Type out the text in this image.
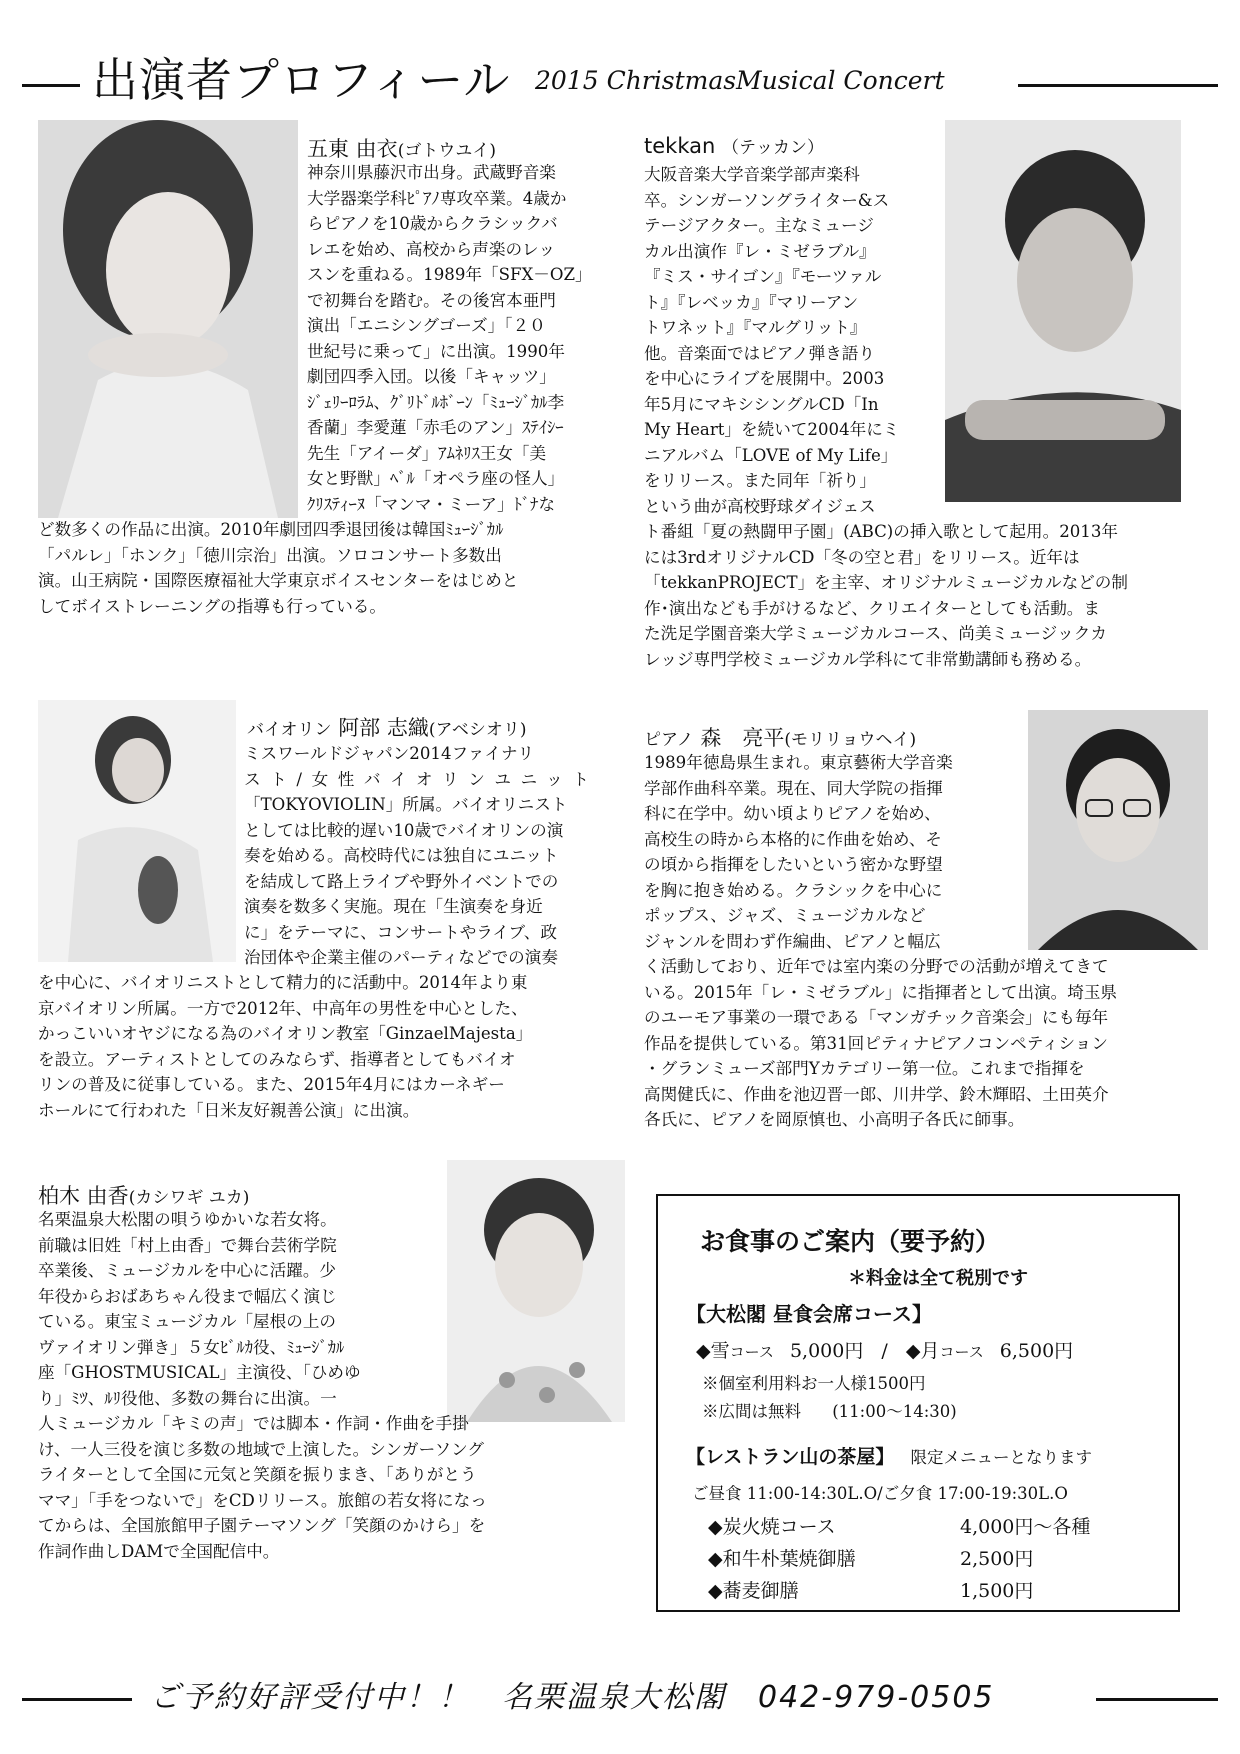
出演者プロフィール 2015 ChristmasMusical Concert
五東 由衣(ゴトウユイ)
神奈川県藤沢市出身。武蔵野音楽
大学器楽学科ﾋﾟｱﾉ専攻卒業。4歳か
らピアノを10歳からクラシックバ
レエを始め、高校から声楽のレッ
スンを重ねる。1989年「SFX－OZ」
で初舞台を踏む。その後宮本亜門
演出「エニシングゴーズ」「２０
世紀号に乗って」に出演。1990年
劇団四季入団。以後「キャッツ」
ｼﾞｪﾘｰﾛﾗﾑ、ｸﾞﾘﾄﾞﾙﾎﾞｰﾝ「ﾐｭｰｼﾞｶﾙ李
香蘭」李愛蓮「赤毛のアン」ｽﾃｲｼｰ
先生「アイーダ」ｱﾑﾈﾘｽ王女「美
女と野獣」ﾍﾞﾙ「オペラ座の怪人」
ｸﾘｽﾃｨｰﾇ「マンマ・ミーア」ﾄﾞﾅな
ど数多くの作品に出演。2010年劇団四季退団後は韓国ﾐｭｰｼﾞｶﾙ
「パルレ」「ホンク」「徳川宗治」出演。ソロコンサート多数出
演。山王病院・国際医療福祉大学東京ボイスセンターをはじめと
してボイストレーニングの指導も行っている。
tekkan （テッカン）
大阪音楽大学音楽学部声楽科
卒。シンガーソングライター&ス
テージアクター。主なミュージ
カル出演作『レ・ミゼラブル』
『ミス・サイゴン』『モーツァル
ト』『レベッカ』『マリーアン
トワネット』『マルグリット』
他。音楽面ではピアノ弾き語り
を中心にライブを展開中。2003
年5月にマキシシングルCD「In
My Heart」を続いて2004年にミ
ニアルバム「LOVE of My Life」
をリリース。また同年「祈り」
という曲が高校野球ダイジェス
ト番組「夏の熱闘甲子園」(ABC)の挿入歌として起用。2013年
には3rdオリジナルCD「冬の空と君」をリリース。近年は
「tekkanPROJECT」を主宰、オリジナルミュージカルなどの制
作･演出なども手がけるなど、クリエイターとしても活動。ま
た洗足学園音楽大学ミュージカルコース、尚美ミュージックカ
レッジ専門学校ミュージカル学科にて非常勤講師も務める。
バイオリン 阿部 志織(アベシオリ)
ミスワールドジャパン2014ファイナリ
スト/女性バイオリンユニット
「TOKYOVIOLIN」所属。バイオリニスト
としては比較的遅い10歳でバイオリンの演
奏を始める。高校時代には独自にユニット
を結成して路上ライブや野外イベントでの
演奏を数多く実施。現在「生演奏を身近
に」をテーマに、コンサートやライブ、政
治団体や企業主催のパーティなどでの演奏
を中心に、バイオリニストとして精力的に活動中。2014年より東
京バイオリン所属。一方で2012年、中高年の男性を中心とした、
かっこいいオヤジになる為のバイオリン教室「GinzaelMajesta」
を設立。アーティストとしてのみならず、指導者としてもバイオ
リンの普及に従事している。また、2015年4月にはカーネギー
ホールにて行われた「日米友好親善公演」に出演。
ピアノ 森　亮平(モリリョウヘイ)
1989年徳島県生まれ。東京藝術大学音楽
学部作曲科卒業。現在、同大学院の指揮
科に在学中。幼い頃よりピアノを始め、
高校生の時から本格的に作曲を始め、そ
の頃から指揮をしたいという密かな野望
を胸に抱き始める。クラシックを中心に
ポップス、ジャズ、ミュージカルなど
ジャンルを問わず作編曲、ピアノと幅広
く活動しており、近年では室内楽の分野での活動が増えてきて
いる。2015年「レ・ミゼラブル」に指揮者として出演。埼玉県
のユーモア事業の一環である「マンガチック音楽会」にも毎年
作品を提供している。第31回ピティナピアノコンペティション
・グランミューズ部門Yカテゴリー第一位。これまで指揮を
高関健氏に、作曲を池辺晋一郎、川井学、鈴木輝昭、土田英介
各氏に、ピアノを岡原慎也、小高明子各氏に師事。
柏木 由香(カシワギ ユカ)
名栗温泉大松閣の唄うゆかいな若女将。
前職は旧姓「村上由香」で舞台芸術学院
卒業後、ミュージカルを中心に活躍。少
年役からおばあちゃん役まで幅広く演じ
ている。東宝ミュージカル「屋根の上の
ヴァイオリン弾き」５女ﾋﾞﾙｶ役、ﾐｭｰｼﾞｶﾙ
座「GHOSTMUSICAL」主演役、「ひめゆ
り」ﾐﾂ、ﾙﾘ役他、多数の舞台に出演。一
人ミュージカル「キミの声」では脚本・作詞・作曲を手掛
け、一人三役を演じ多数の地域で上演した。シンガーソング
ライターとして全国に元気と笑顔を振りまき、「ありがとう
ママ」「手をつないで」をCDリリース。旅館の若女将になっ
てからは、全国旅館甲子園テーマソング「笑顔のかけら」を
作詞作曲しDAMで全国配信中。
お食事のご案内（要予約）
＊料金は全て税別です
【大松閣 昼食会席コース】
◆雪コース 5,000円 / ◆月コース 6,500円
※個室利用料お一人様1500円
※広間は無料 (11:00～14:30)
【レストラン山の茶屋】 限定メニューとなります
ご昼食 11:00-14:30L.O/ご夕食 17:00-19:30L.O
◆炭火焼コース	4,000円～各種
◆和牛朴葉焼御膳	2,500円
◆蕎麦御膳	1,500円
ご予約好評受付中！！　名栗温泉大松閣　042-979-0505
